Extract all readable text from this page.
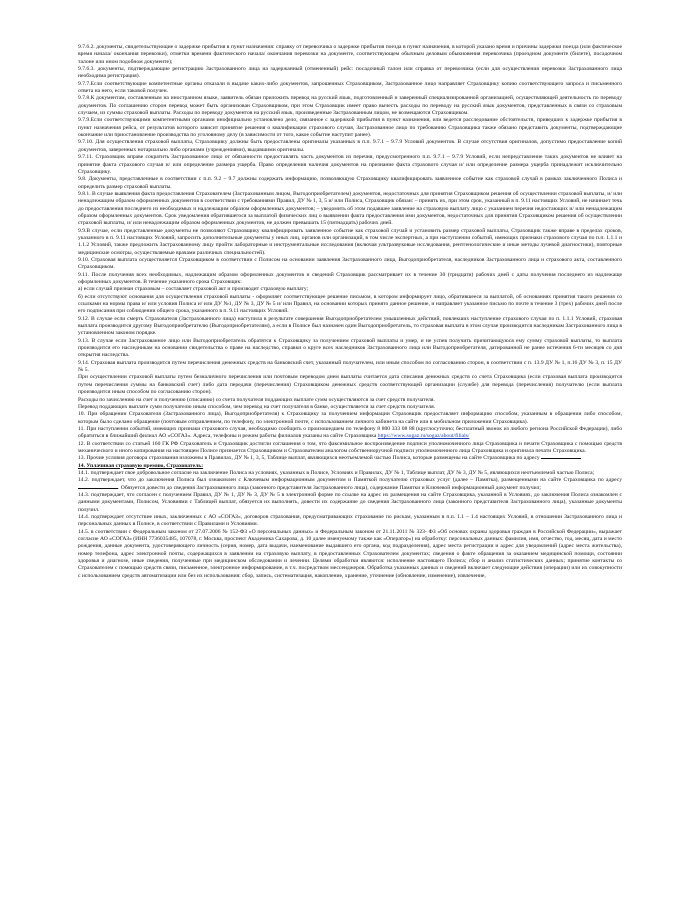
9.7.6.2. документы, свидетельствующие о задержке прибытия в пункт назначения: справку от перевозчика о задержке прибытия поезда в пункт назначения, в которой указано время и причины задержки поезда (или фактическое время начала/ окончания перевозки), отметки времени фактического начала/ окончания перевозки на документе, соответствующем обычным деловым обыкновения перевозчика (проездном документе (билете), посадочном талоне или ином подобном документе);

9.7.6.3. документы, подтверждающие регистрацию Застрахованного лица на задержанный (отмененный) рейс: посадочный талон или справка от перевозчика (если для осуществления перевозки Застрахованного лица необходима регистрация).

9.7.7.Если соответствующие компетентные органы отказали в выдаче каких-либо документов, запрошенных Страховщиком, Застрахованное лицо направляет Страховщику копию соответствующего запроса и письменного ответа на него, если таковой получен.

9.7.8.К документам, составленным на иностранном языке, заявитель обязан приложить перевод на русский язык, подготовленный и заверенный специализированной организацией, осуществляющей деятельность по переводу документов. По соглашению сторон перевод может быть организован Страховщиком, при этом Страховщик имеет право вычесть расходы по переводу на русский язык документов, представленных в связи со страховым случаем, из суммы страховой выплаты. Расходы по переводу документов на русский язык, произведенные Застрахованным лицом, не возмещаются Страховщиком.

9.7.9.Если соответствующими компетентными органами инофициально установлено дело, связанное с задержкой прибытия в пункт назначения, или ведется расследование обстоятельств, приведших к задержке прибытия в пункт назначения рейса, от результатов которого зависит принятие решения о квалификации страхового случая, Застрахованное лицо по требованию Страховщика также обязано представить документы, подтверждающие окончание или приостановление производства по уголовному делу (в зависимости от того, какое событие наступит ранее).

9.7.10. Для осуществления страховой выплаты, Страховщику должны быть предоставлены оригиналы указанных в п.п. 9.7.1 – 9.7.9 Условий документов. В случае отсутствия оригиналов, допустимо предоставление копий документов, заверенных нотариально либо органами (учреждениями), выдавшими оригиналы.

9.7.11. Страховщик вправе сократить Застрахованное лицо от обязанности предоставлять часть документов из перечня, предусмотренного п.п. 9.7.1 – 9.7.9 Условий, если непредставление таких документов не влияет на принятие факта страхового случая и/ или определение размера ущерба. Право определения наличия документов на признание факта страхового случая и/ или определение размера ущерба принадлежит исключительно Страховщику.

9.8. Документы, представленные в соответствии с п.п. 9.2 – 9.7 должны содержать информацию, позволяющую Страховщику квалифицировать заявленное событие как страховой случай в рамках заключенного Полиса и определить размер страховой выплаты.

9.8.1. В случае выявления факта предоставления Страхователем (Застрахованным лицом, Выгодоприобретателем) документов, недостаточных для принятия Страховщиком решения об осуществлении страховой выплаты, и/ или ненадлежащим образом оформленных документов в соответствии с требованиями Правил, ДУ № 1, 3, 5 и/ или Полиса, Страховщик обязан: – принять их, при этом срок, указанный в п. 9.11 настоящих Условий, не начинает течь до предоставления последнего из необходимых и надлежащим образом оформленных документов; – уведомить об этом подавшее заявление на страховую выплату лицо с указанием перечня недостающих и/ или ненадлежащим образом оформленных документов. Срок уведомления обратившегося за выплатой физических лиц о выявлении факта предоставления ими документов, недостаточных для принятия Страховщиком решения об осуществлении страховой выплаты, и/ или ненадлежащим образом оформленных документов, не должен превышать 15 (пятнадцать) рабочих дней.

9.9.В случае, если представленные документы не позволяют Страховщику квалифицировать заявленное событие как страховой случай и установить размер страховой выплаты, Страховщик также вправе в пределах сроков, указанного в п. 9.11 настоящих Условий, запросить дополнительные документы у иных лиц, органов или организаций, в том числе экспертных, а при наступлении событий, имеющих признаки страхового случая по п.п. 1.1.1 и 1.1.2 Условий, также предложить Застрахованному лицу пройти лабораторные и инструментальные исследования (включая ультразвуковые исследования, рентгенологические и иные методы лучевой диагностики), повторные медицинские осмотры, осуществляемые врачами различных специальностей).

9.10. Страховая выплата осуществляется Страховщиком в соответствии с Полисом на основании заявления Застрахованного лица, Выгодоприобретателя, наследников Застрахованного лица и страхового акта, составленного Страховщиком.

9.11. После получения всех необходимых, надлежащим образом оформленных документов и сведений Страховщик рассматривает их в течение 30 (тридцати) рабочих дней с даты получения последнего из надлежаще оформленных документов. В течение указанного срока Страховщик:

а) если случай признан страховым – составляет страховой акт и производит страховую выплату;

б) если отсутствуют основания для осуществления страховой выплаты - оформляет соответствующее решение письмом, в котором информирует лицо, обратившееся за выплатой, об основаниях принятия такого решения со ссылками на нормы права и/ или условия Полиса и/ или ДУ №1, ДУ № 3, ДУ № 5 и/ или Правил, на основании которых принято данное решение, и направляет указанное письмо по почте в течение 3 (трех) рабочих дней после его подписания при соблюдении общего срока, указанного в п. 9.11 настоящих Условий.

9.12. В случае если смерть Страхователя (Застрахованного лица) наступила в результате совершения Выгодоприобретателем умышленных действий, повлекших наступление страхового случая по п. 1.1.1 Условий, страховая выплата производится другому Выгодоприобретателю (Выгодоприобретателям), а если в Полисе был назначен один Выгодоприобретатель, то страховая выплата в этом случае производится наследникам Застрахованного лица в установленном законом порядке.

9.13. В случае если Застрахованное лицо или Выгодоприобретатель обратятся к Страховщику за получением страховой выплаты и умер, и не успев получить причитающуюся ему сумму страховой выплаты, то выплата производится его наследникам на основании свидетельства о праве на наследство, справки о круге всех наследников Застрахованного лица или Выгодоприобретателя, датированной не ранее истечения 6-ти месяцев со дня открытия наследства.

9.14. Страховая выплата производится путем перечисления денежных средств на банковский счет, указанный получателем, или иным способом по согласованию сторон, в соответствии с п. 13.9 ДУ № 1, п.16 ДУ № 3, п. 15 ДУ № 5.

При осуществлении страховой выплаты путем безналичного перечисления или почтовым переводом днем выплаты считается дата списания денежных средств со счета Страховщика (если страховая выплата производится путем перечисления суммы на банковский счет) либо дата передачи (перечисления) Страховщиком денежных средств соответствующей организации (службе) для перевода (перечисления) получателю (если выплата производится иным способом по согласованию сторон).

Расходы по зачислению на счет и получению (списанию) со счета получателя поддающих выплате сумм осуществляются за счет средств получателя.

Перевод поддающих выплате сумм получателю иным способом, чем перевод на счет получателя в банке, осуществляется за счет средств получателя.

10. При обращении Страхователя (Застрахованного лица), Выгодоприобретателя) к Страховщику за получением информации Страховщик предоставляет информацию способом, указанным в обращении либо способом, которым было сделано обращение (почтовым отправлением, по телефону, по электронной почте, с использованием личного кабинета на сайте или в мобильном приложении Страховщика).

11. При наступлении событий, имеющих признаки страхового случая, необходимо сообщить о произошедшем по телефону 8 800 333 08 88 (круглосуточно; бесплатный звонок из любого региона Российской Федерации), либо обратиться в ближайший филиал АО «СОГАЗ». Адреса, телефоны и режим работы филиалов указаны на сайте Страховщика https://www.sogaz.ru/sogaz/about/filials/

12. В соответствии со статьей 160 ГК РФ Страхователь и Страховщик достигли соглашения о том, что факсимильное воспроизведение подписи уполномоченного лица Страховщика и печати Страховщика с помощью средств механического и иного копирования на настоящем Полисе признается Страховщиком и Страхователем аналогом собственноручной подписи уполномоченного лица Страховщика и оригинала печати Страховщика.

13. Прочие условия договора страхования изложены в Правилах, ДУ № 1, 3, 5, Таблице выплат, являющихся неотъемлемой частью Полиса, которые размещены на сайте Страховщика по адресу

14. Уплачивая страховую премию, Страхователь:

14.1. подтверждает свое добровольное согласие на заключение Полиса на условиях, указанных в Полисе, Условиях и Правилах, ДУ № 1, Таблице выплат, ДУ № 3, ДУ № 5, являющихся неотъемлемой частью Полиса;

14.2. подтверждает, что до заключения Полиса был ознакомлен с Ключевым информационным документом и Памяткой получателю страховых услуг (далее – Памятка), размещенными на сайте Страховщика по адресу . Обязуется довести до сведения Застрахованного лица (законного представителя Застрахованного лица), содержание Памятки и Ключевой информационный документ получил;

14.3. подтверждает, что согласен с получением Правил, ДУ № 1, ДУ № 3, ДУ № 5 в электронной форме по ссылке на адрес их размещения на сайте Страховщика, указанной в Условиях, до заключения Полиса ознакомлен с данными документами, Полисом, Условиями с Таблицей выплат, обязуется их выполнять, довести их содержание до сведения Застрахованного лица (законного представителя Застрахованного лица), указанные документы получил.

14.4. подтверждает отсутствие иных, заключенных с АО «СОГАЗ», договоров страхования, предусматривающих страхование по рискам, указанным в п.п. 1.1 – 1.4 настоящих Условий, в отношении Застрахованного лица и персональных данных в Полисе, в соответствии с Правилами и Условиями.

14.5. в соответствии с Федеральным законом от 27.07.2006 № 152-ФЗ «О персональных данных» и Федеральным законом от 21.11.2011 № 323- ФЗ «Об основах охраны здоровья граждан в Российской Федерации», выражает согласие АО «СОГАЗ» (ИНН 7736035485, 107078, г. Москва, проспект Академика Сахарова, д. 10 далее именуемому также как «Оператор») на обработку: персональных данных: фамилия, имя, отчество, год, месяц, дата и место рождения, данные документа, удостоверяющего личность (серия, номер, дата выдачи, наименование выдавшего его органа, код подразделения), адрес места регистрации и адрес для уведомлений (адрес места жительства), номер телефона, адрес электронной почты, содержащихся в заявлении на страховую выплату, в предоставленных Страхователем документах; сведения о факте обращения за оказанием медицинской помощи, состоянии здоровья и диагнозе, иные сведения, полученные при медицинском обследовании и лечении. Целями обработки являются: исполнение настоящего Полиса; сбор и анализ статистических данных; принятие контакты со Страхователем с помощью средств связи, письменное, электронное информирование, в т.ч. посредством мессенджеров. Обработка указанных данных и сведений включает следующие действия (операции) или их совокупности с использованием средств автоматизации или без их использования: сбор, запись, систематизация, накопление, хранение, уточнение (обновление, изменение), извлечение,
